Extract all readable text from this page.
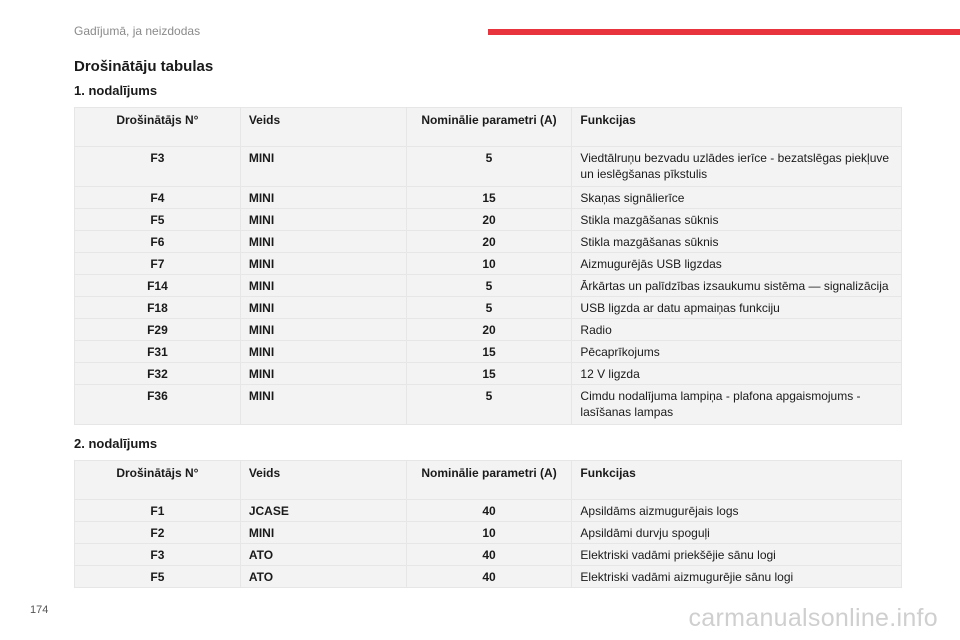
Gadījumā, ja neizdodas
Drošinātāju tabulas
1. nodalījums
Drošinātājs N°	Veids	Nominālie parametri (A)	Funkcijas
F3	MINI	5	Viedtālruņu bezvadu uzlādes ierīce - bezatslēgas piekļuve un ieslēgšanas pīkstulis
F4	MINI	15	Skaņas signālierīce
F5	MINI	20	Stikla mazgāšanas sūknis
F6	MINI	20	Stikla mazgāšanas sūknis
F7	MINI	10	Aizmugurējās USB ligzdas
F14	MINI	5	Ārkārtas un palīdzības izsaukumu sistēma — signalizācija
F18	MINI	5	USB ligzda ar datu apmaiņas funkciju
F29	MINI	20	Radio
F31	MINI	15	Pēcaprīkojums
F32	MINI	15	12 V ligzda
F36	MINI	5	Cimdu nodalījuma lampiņa - plafona apgaismojums - lasīšanas lampas
2. nodalījums
Drošinātājs N°	Veids	Nominālie parametri (A)	Funkcijas
F1	JCASE	40	Apsildāms aizmugurējais logs
F2	MINI	10	Apsildāmi durvju spoguļi
F3	ATO	40	Elektriski vadāmi priekšējie sānu logi
F5	ATO	40	Elektriski vadāmi aizmugurējie sānu logi
174	carmanualsonline.info
